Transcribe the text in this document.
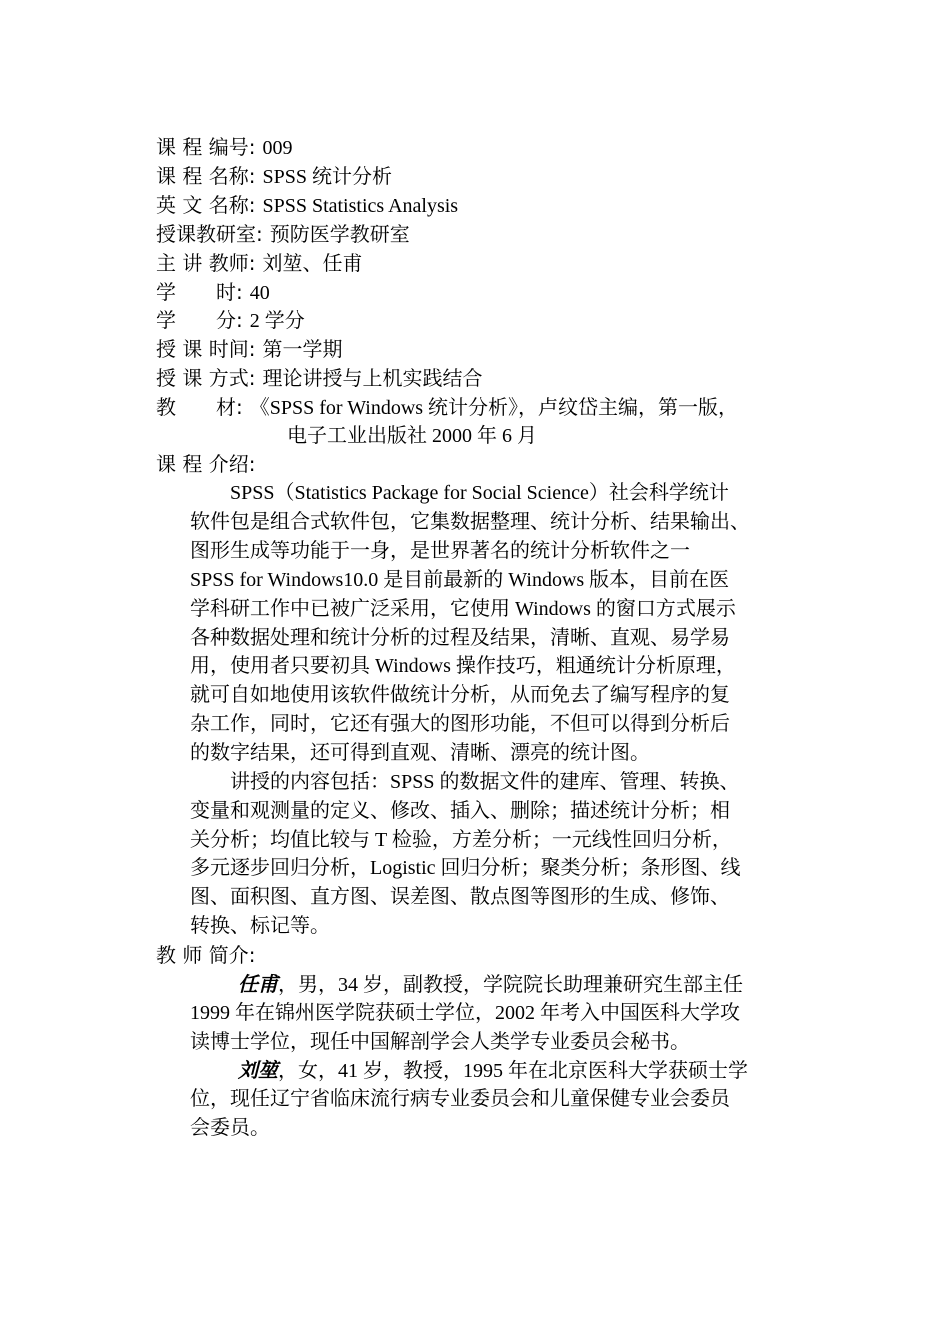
课 程 编号: 009
课 程 名称: SPSS 统计分析
英 文 名称: SPSS Statistics Analysis
授课教研室: 预防医学教研室
主 讲 教师: 刘堃、任甫
学　　时: 40
学　　分: 2 学分
授 课 时间: 第一学期
授 课 方式: 理论讲授与上机实践结合
教　　材: 《SPSS for Windows 统计分析》，卢纹岱主编，第一版，
电子工业出版社 2000 年 6 月
课 程 介绍:
　　SPSS（Statistics Package for Social Science）社会科学统计
软件包是组合式软件包，它集数据整理、统计分析、结果输出、
图形生成等功能于一身，是世界著名的统计分析软件之一
SPSS for Windows10.0 是目前最新的 Windows 版本，目前在医
学科研工作中已被广泛采用，它使用 Windows 的窗口方式展示
各种数据处理和统计分析的过程及结果，清晰、直观、易学易
用，使用者只要初具 Windows 操作技巧，粗通统计分析原理，
就可自如地使用该软件做统计分析，从而免去了编写程序的复
杂工作，同时，它还有强大的图形功能，不但可以得到分析后
的数字结果，还可得到直观、清晰、漂亮的统计图。
　　讲授的内容包括：SPSS 的数据文件的建库、管理、转换、
变量和观测量的定义、修改、插入、删除；描述统计分析；相
关分析；均值比较与 T 检验，方差分析；一元线性回归分析，
多元逐步回归分析，Logistic 回归分析；聚类分析；条形图、线
图、面积图、直方图、误差图、散点图等图形的生成、修饰、
转换、标记等。
教 师 简介:
任甫，男，34 岁，副教授，学院院长助理兼研究生部主任
1999 年在锦州医学院获硕士学位，2002 年考入中国医科大学攻
读博士学位，现任中国解剖学会人类学专业委员会秘书。
刘堃，女，41 岁，教授，1995 年在北京医科大学获硕士学
位，现任辽宁省临床流行病专业委员会和儿童保健专业会委员
会委员。
